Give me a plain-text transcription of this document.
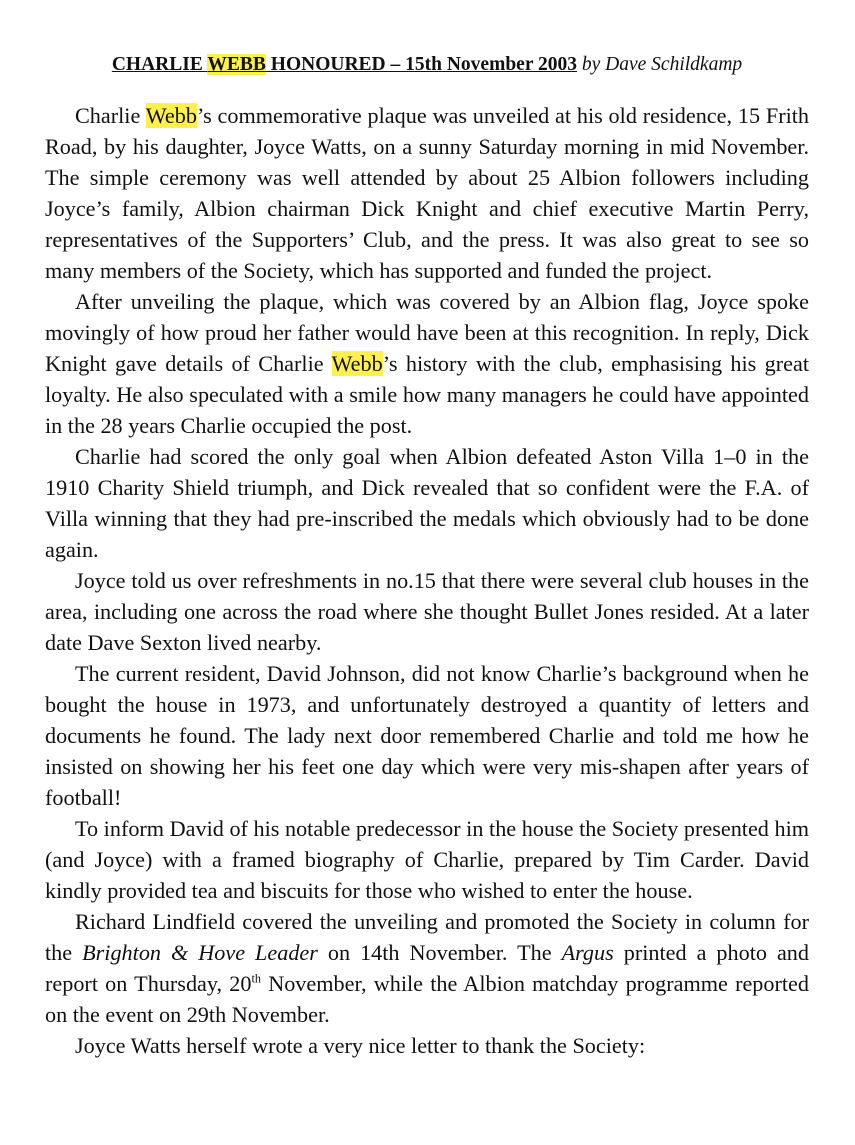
CHARLIE WEBB HONOURED – 15th November 2003 by Dave Schildkamp

Charlie Webb’s commemorative plaque was unveiled at his old residence, 15 Frith Road, by his daughter, Joyce Watts, on a sunny Saturday morning in mid November. The simple ceremony was well attended by about 25 Albion followers including Joyce’s family, Albion chairman Dick Knight and chief executive Martin Perry, representatives of the Supporters’ Club, and the press. It was also great to see so many members of the Society, which has supported and funded the project.

After unveiling the plaque, which was covered by an Albion flag, Joyce spoke movingly of how proud her father would have been at this recognition. In reply, Dick Knight gave details of Charlie Webb’s history with the club, emphasising his great loyalty. He also speculated with a smile how many managers he could have appointed in the 28 years Charlie occupied the post.

Charlie had scored the only goal when Albion defeated Aston Villa 1–0 in the 1910 Charity Shield triumph, and Dick revealed that so confident were the F.A. of Villa winning that they had pre-inscribed the medals which obviously had to be done again.

Joyce told us over refreshments in no.15 that there were several club houses in the area, including one across the road where she thought Bullet Jones resided. At a later date Dave Sexton lived nearby.

The current resident, David Johnson, did not know Charlie’s background when he bought the house in 1973, and unfortunately destroyed a quantity of letters and documents he found. The lady next door remembered Charlie and told me how he insisted on showing her his feet one day which were very mis-shapen after years of football!

To inform David of his notable predecessor in the house the Society presented him (and Joyce) with a framed biography of Charlie, prepared by Tim Carder. David kindly provided tea and biscuits for those who wished to enter the house.

Richard Lindfield covered the unveiling and promoted the Society in column for the Brighton & Hove Leader on 14th November. The Argus printed a photo and report on Thursday, 20th November, while the Albion matchday programme reported on the event on 29th November.

Joyce Watts herself wrote a very nice letter to thank the Society:
